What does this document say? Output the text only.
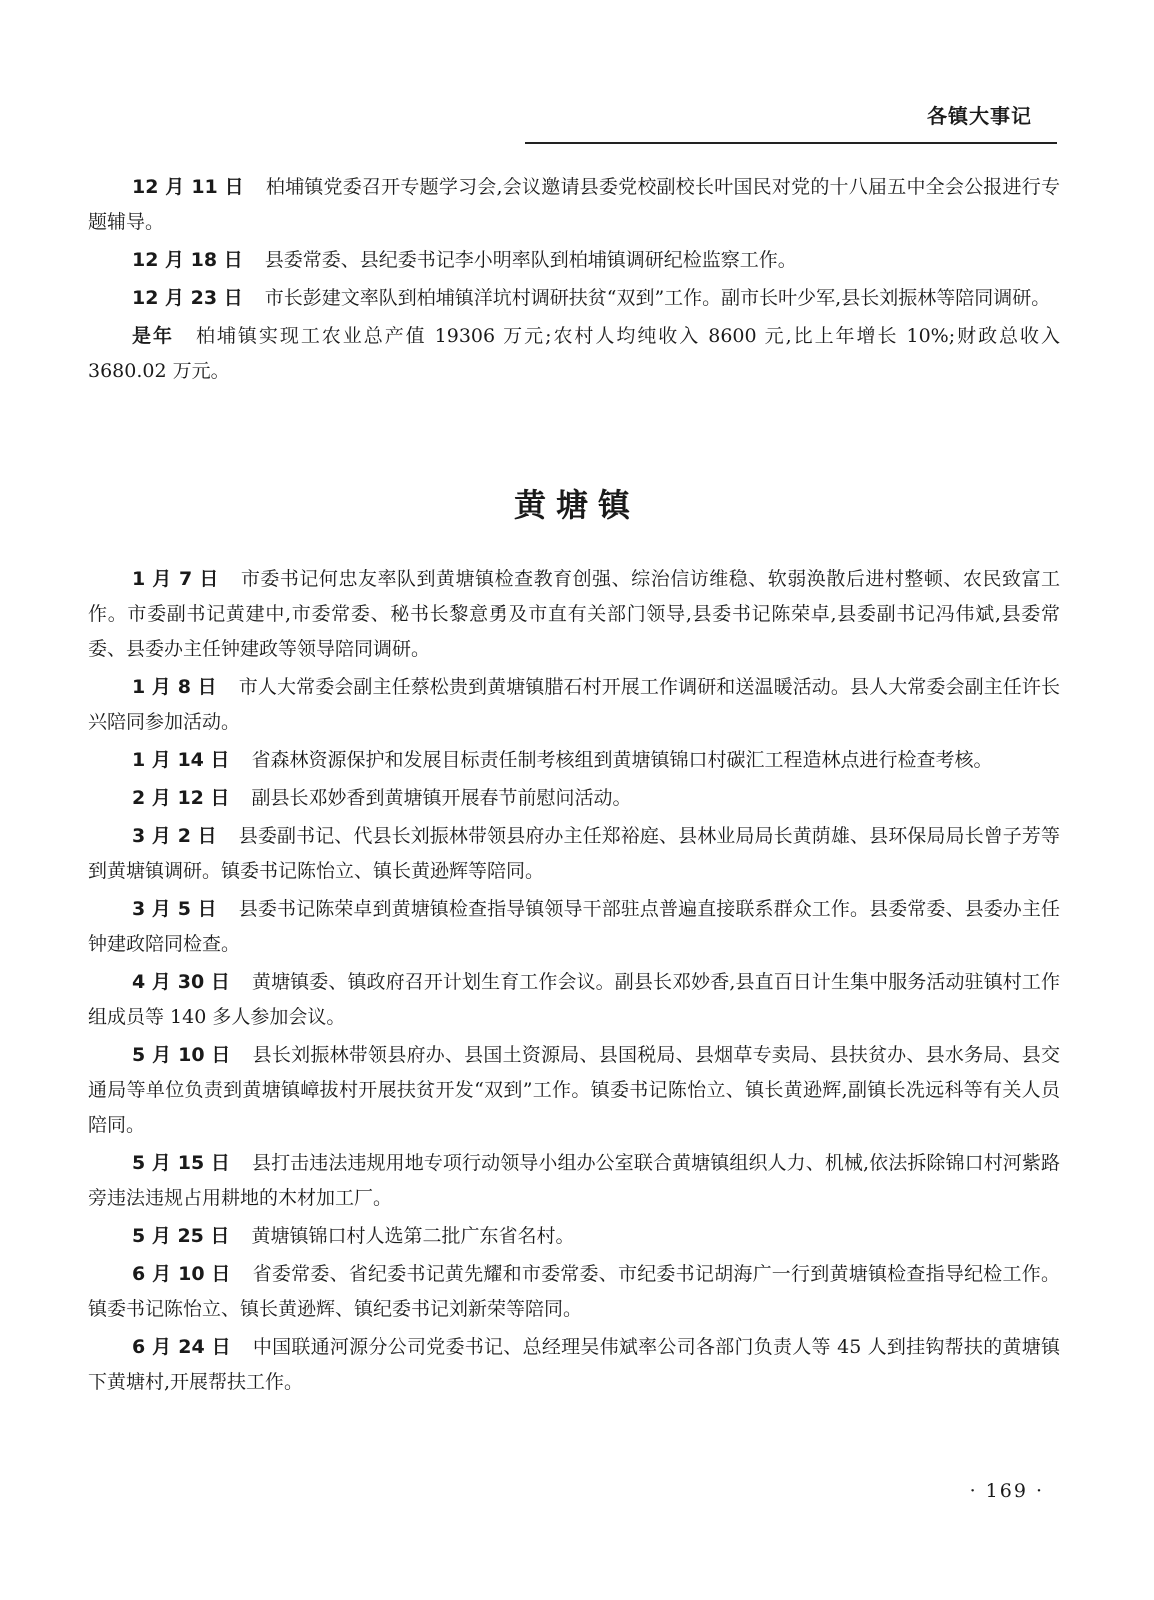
各镇大事记

12 月 11 日 柏埔镇党委召开专题学习会,会议邀请县委党校副校长叶国民对党的十八届五中全会公报进行专题辅导。

12 月 18 日 县委常委、县纪委书记李小明率队到柏埔镇调研纪检监察工作。

12 月 23 日 市长彭建文率队到柏埔镇洋坑村调研扶贫“双到”工作。副市长叶少军,县长刘振林等陪同调研。

是年 柏埔镇实现工农业总产值 19306 万元;农村人均纯收入 8600 元,比上年增长 10%;财政总收入 3680.02 万元。

黄塘镇

1 月 7 日 市委书记何忠友率队到黄塘镇检查教育创强、综治信访维稳、软弱涣散后进村整顿、农民致富工作。市委副书记黄建中,市委常委、秘书长黎意勇及市直有关部门领导,县委书记陈荣卓,县委副书记冯伟斌,县委常委、县委办主任钟建政等领导陪同调研。

1 月 8 日 市人大常委会副主任蔡松贵到黄塘镇腊石村开展工作调研和送温暖活动。县人大常委会副主任许长兴陪同参加活动。

1 月 14 日 省森林资源保护和发展目标责任制考核组到黄塘镇锦口村碳汇工程造林点进行检查考核。

2 月 12 日 副县长邓妙香到黄塘镇开展春节前慰问活动。

3 月 2 日 县委副书记、代县长刘振林带领县府办主任郑裕庭、县林业局局长黄荫雄、县环保局局长曾子芳等到黄塘镇调研。镇委书记陈怡立、镇长黄逊辉等陪同。

3 月 5 日 县委书记陈荣卓到黄塘镇检查指导镇领导干部驻点普遍直接联系群众工作。县委常委、县委办主任钟建政陪同检查。

4 月 30 日 黄塘镇委、镇政府召开计划生育工作会议。副县长邓妙香,县直百日计生集中服务活动驻镇村工作组成员等 140 多人参加会议。

5 月 10 日 县长刘振林带领县府办、县国土资源局、县国税局、县烟草专卖局、县扶贫办、县水务局、县交通局等单位负责到黄塘镇嶂拔村开展扶贫开发“双到”工作。镇委书记陈怡立、镇长黄逊辉,副镇长冼远科等有关人员陪同。

5 月 15 日 县打击违法违规用地专项行动领导小组办公室联合黄塘镇组织人力、机械,依法拆除锦口村河紫路旁违法违规占用耕地的木材加工厂。

5 月 25 日 黄塘镇锦口村人选第二批广东省名村。

6 月 10 日 省委常委、省纪委书记黄先耀和市委常委、市纪委书记胡海广一行到黄塘镇检查指导纪检工作。镇委书记陈怡立、镇长黄逊辉、镇纪委书记刘新荣等陪同。

6 月 24 日 中国联通河源分公司党委书记、总经理吴伟斌率公司各部门负责人等 45 人到挂钩帮扶的黄塘镇下黄塘村,开展帮扶工作。

· 169 ·
